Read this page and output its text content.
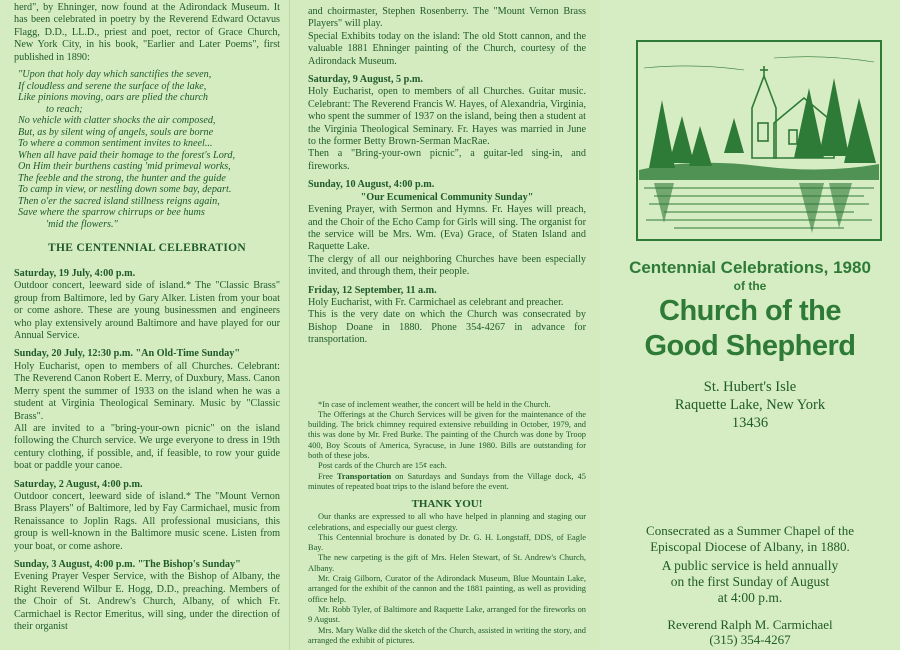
herd", by Ehninger, now found at the Adirondack Museum. It has been celebrated in poetry by the Reverend Edward Octavus Flagg, D.D., LL.D., priest and poet, rector of Grace Church, New York City, in his book, "Earlier and Later Poems", first published in 1890:

"Upon that holy day which sanctifies the seven,
If cloudless and serene the surface of the lake,
Like pinions moving, oars are plied the church
to reach;
No vehicle with clatter shocks the air composed,
But, as by silent wing of angels, souls are borne
To where a common sentiment invites to kneel...
When all have paid their homage to the forest's Lord,
On Him their burthens casting 'mid primeval works,
The feeble and the strong, the hunter and the guide
To camp in view, or nestling down some bay, depart.
Then o'er the sacred island stillness reigns again,
Save where the sparrow chirrups or bee hums
'mid the flowers."
THE CENTENNIAL CELEBRATION

Saturday, 19 July, 4:00 p.m.

Outdoor concert, leeward side of island.* The "Classic Brass" group from Baltimore, led by Gary Alker. Listen from your boat or come ashore. These are young businessmen and engineers who play extensively around Baltimore and have played for our Annual Service.

Sunday, 20 July, 12:30 p.m. "An Old-Time Sunday"

Holy Eucharist, open to members of all Churches. Celebrant: The Reverend Canon Robert E. Merry, of Duxbury, Mass. Canon Merry spent the summer of 1933 on the island when he was a student at Virginia Theological Seminary. Music by "Classic Brass".

All are invited to a "bring-your-own picnic" on the island following the Church service. We urge everyone to dress in 19th century clothing, if possible, and, if feasible, to row your guide boat or paddle your canoe.

Saturday, 2 August, 4:00 p.m.

Outdoor concert, leeward side of island.* The "Mount Vernon Brass Players" of Baltimore, led by Fay Carmichael, music from Renaissance to Joplin Rags. All professional musicians, this group is well-known in the Baltimore music scene. Listen from your boat, or come ashore.

Sunday, 3 August, 4:00 p.m. "The Bishop's Sunday"

Evening Prayer Vesper Service, with the Bishop of Albany, the Right Reverend Wilbur E. Hogg, D.D., preaching. Members of the Choir of St. Andrew's Church, Albany, of which Fr. Carmichael is Rector Emeritus, will sing, under the direction of their organist

and choirmaster, Stephen Rosenberry. The "Mount Vernon Brass Players" will play.

Special Exhibits today on the island: The old Stott cannon, and the valuable 1881 Ehninger painting of the Church, courtesy of the Adirondack Museum.

Saturday, 9 August, 5 p.m.

Holy Eucharist, open to members of all Churches. Guitar music. Celebrant: The Reverend Francis W. Hayes, of Alexandria, Virginia, who spent the summer of 1937 on the island, being then a student at the Virginia Theological Seminary. Fr. Hayes was married in June to the former Betty Brown-Serman MacRae.

Then a "Bring-your-own picnic", a guitar-led sing-in, and fireworks.

Sunday, 10 August, 4:00 p.m.

"Our Ecumenical Community Sunday"

Evening Prayer, with Sermon and Hymns. Fr. Hayes will preach, and the Choir of the Echo Camp for Girls will sing. The organist for the service will be Mrs. Wm. (Eva) Grace, of Staten Island and Raquette Lake.

The clergy of all our neighboring Churches have been especially invited, and through them, their people.

Friday, 12 September, 11 a.m.

Holy Eucharist, with Fr. Carmichael as celebrant and preacher.

This is the very date on which the Church was consecrated by Bishop Doane in 1880. Phone 354-4267 in advance for transportation.

*In case of inclement weather, the concert will be held in the Church.

The Offerings at the Church Services will be given for the maintenance of the building. The brick chimney required extensive rebuilding in October, 1979, and this was done by Mr. Fred Burke. The painting of the Church was done by Troop 400, Boy Scouts of America, Syracuse, in June 1980. Bills are outstanding for both of these jobs.

Post cards of the Church are 15¢ each.

Free Transportation on Saturdays and Sundays from the Village dock, 45 minutes of repeated boat trips to the island before the event.

THANK YOU!

Our thanks are expressed to all who have helped in planning and staging our celebrations, and especially our guest clergy.

This Centennial brochure is donated by Dr. G. H. Longstaff, DDS, of Eagle Bay.

The new carpeting is the gift of Mrs. Helen Stewart, of St. Andrew's Church, Albany.

Mr. Craig Gilborn, Curator of the Adirondack Museum, Blue Mountain Lake, arranged for the exhibit of the cannon and the 1881 painting, as well as providing office help.

Mr. Robb Tyler, of Baltimore and Raquette Lake, arranged for the fireworks on 9 August.

Mrs. Mary Walke did the sketch of the Church, assisted in writing the story, and arranged the exhibit of pictures.

Centennial Celebrations, 1980

of the

Church of the

Good Shepherd

St. Hubert's Isle
Raquette Lake, New York
13436
Consecrated as a Summer Chapel of the
Episcopal Diocese of Albany, in 1880.
A public service is held annually
on the first Sunday of August
at 4:00 p.m.
Reverend Ralph M. Carmichael
(315) 354-4267
